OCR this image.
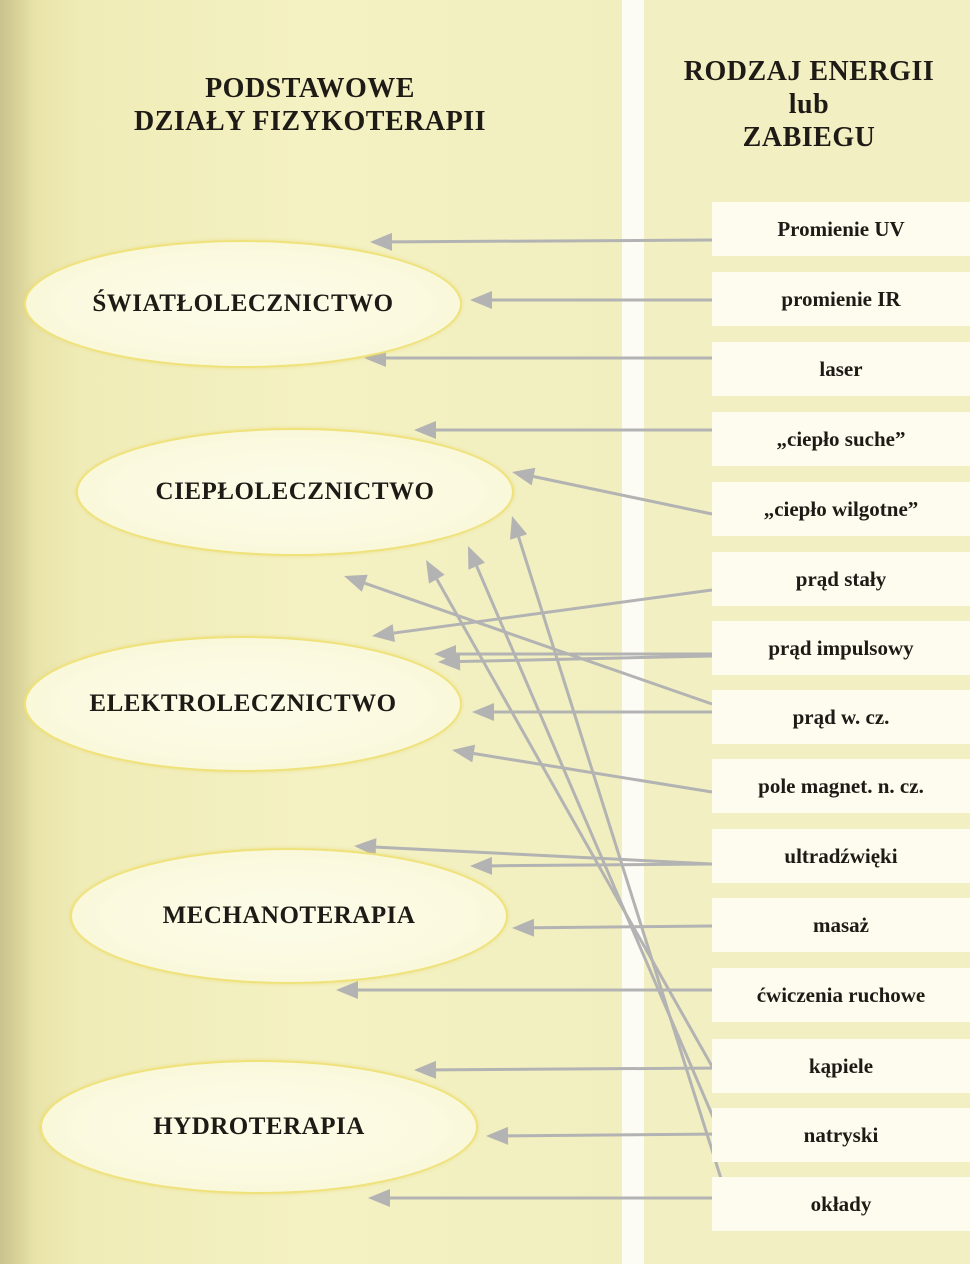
PODSTAWOWE
DZIAŁY FIZYKOTERAPII
RODZAJ ENERGII
lub
ZABIEGU
ŚWIATŁOLECZNICTWO
CIEPŁOLECZNICTWO
ELEKTROLECZNICTWO
MECHANOTERAPIA
HYDROTERAPIA
Promienie UV
promienie IR
laser
„ciepło suche”
„ciepło wilgotne”
prąd stały
prąd impulsowy
prąd w. cz.
pole magnet. n. cz.
ultradźwięki
masaż
ćwiczenia ruchowe
kąpiele
natryski
okłady
